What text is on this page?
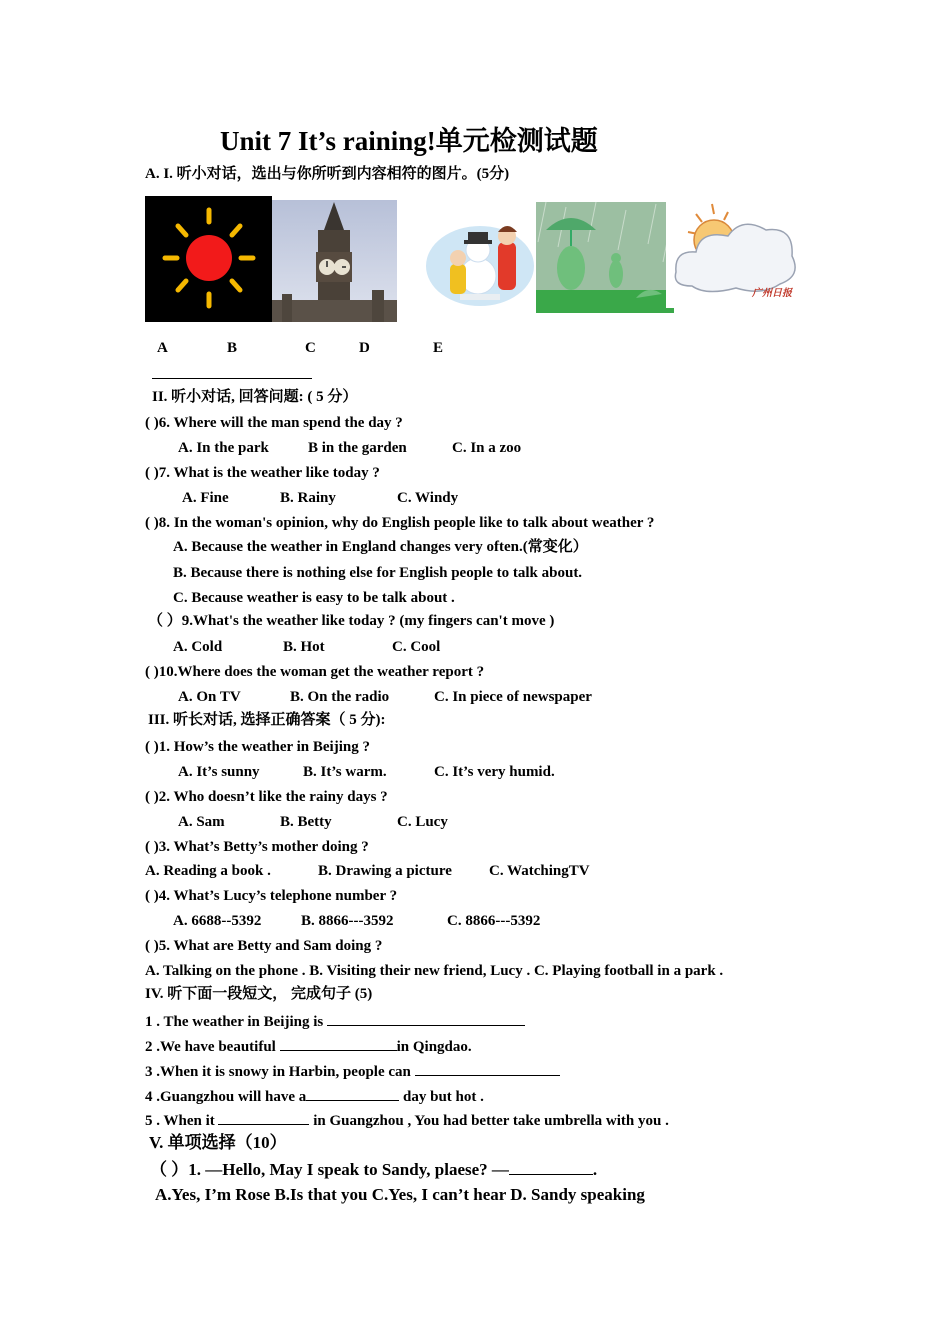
Unit 7 It’s raining!单元检测试题
A. I. 听小对话，选出与你所听到内容相符的图片。(5分)
广州日报
A	B	C	D	E
II. 听小对话, 回答问题: ( 5 分）
( )6. Where will the man spend the day ?
A. In the park	B in the garden	C. In a zoo
( )7. What is the weather like today ?
A. Fine	B. Rainy	C. Windy
( )8. In the woman's opinion, why do English people like to talk about weather ?
A. Because the weather in England changes very often.(常变化）
B. Because there is nothing else for English people to talk about.
C. Because weather is easy to be talk about .
（ ）9.What's the weather like today ? (my fingers can't move )
A. Cold	B. Hot	C. Cool
( )10.Where does the woman get the weather report ?
A. On TV	B. On the radio	C. In piece of newspaper
III. 听长对话, 选择正确答案（ 5 分):
( )1. How’s the weather in Beijing ?
A. It’s sunny	B. It’s warm.	C. It’s very humid.
( )2. Who doesn’t like the rainy days ?
A. Sam	B. Betty	C. Lucy
( )3. What’s Betty’s mother doing ?
A. Reading a book .	B. Drawing a picture C. WatchingTV
( )4. What’s Lucy’s telephone number ?
A. 6688--5392	B. 8866---3592	C. 8866---5392
( )5. What are Betty and Sam doing ?
A. Talking on the phone . B. Visiting their new friend, Lucy . C. Playing football in a park .
IV. 听下面一段短文， 完成句子 (5)
1 . The weather in Beijing is
2 .We have beautiful	in Qingdao.
3 .When it is snowy in Harbin, people can
4 .Guangzhou will have a	day but hot .
5 . When it	in Guangzhou , You had better take umbrella with you .
V. 单项选择（10）
（ ）1. —Hello, May I speak to Sandy, plaese? —	.
A.Yes, I’m Rose B.Is that you C.Yes, I can’t hear D. Sandy speaking
